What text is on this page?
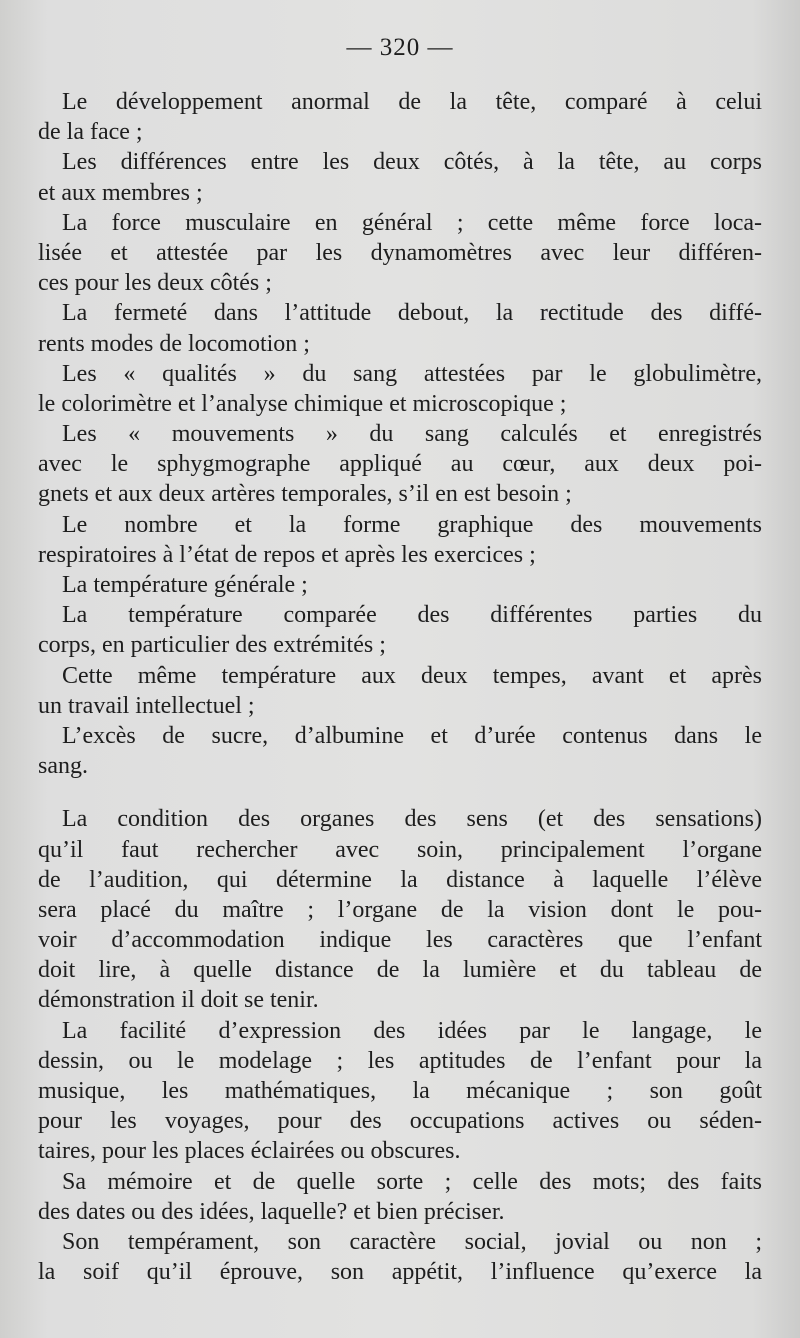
— 320 —
Le développement anormal de la tête, comparé à celui
de la face ;
Les différences entre les deux côtés, à la tête, au corps
et aux membres ;
La force musculaire en général ; cette même force loca-
lisée et attestée par les dynamomètres avec leur différen-
ces pour les deux côtés ;
La fermeté dans l’attitude debout, la rectitude des diffé-
rents modes de locomotion ;
Les « qualités » du sang attestées par le globulimètre,
le colorimètre et l’analyse chimique et microscopique ;
Les « mouvements » du sang calculés et enregistrés
avec le sphygmographe appliqué au cœur, aux deux poi-
gnets et aux deux artères temporales, s’il en est besoin ;
Le nombre et la forme graphique des mouvements
respiratoires à l’état de repos et après les exercices ;
La température générale ;
La température comparée des différentes parties du
corps, en particulier des extrémités ;
Cette même température aux deux tempes, avant et après
un travail intellectuel ;
L’excès de sucre, d’albumine et d’urée contenus dans le
sang.
La condition des organes des sens (et des sensations)
qu’il faut rechercher avec soin, principalement l’organe
de l’audition, qui détermine la distance à laquelle l’élève
sera placé du maître ; l’organe de la vision dont le pou-
voir d’accommodation indique les caractères que l’enfant
doit lire, à quelle distance de la lumière et du tableau de
démonstration il doit se tenir.
La facilité d’expression des idées par le langage, le
dessin, ou le modelage ; les aptitudes de l’enfant pour la
musique, les mathématiques, la mécanique ; son goût
pour les voyages, pour des occupations actives ou séden-
taires, pour les places éclairées ou obscures.
Sa mémoire et de quelle sorte ; celle des mots; des faits
des dates ou des idées, laquelle? et bien préciser.
Son tempérament, son caractère social, jovial ou non ;
la soif qu’il éprouve, son appétit, l’influence qu’exerce la
